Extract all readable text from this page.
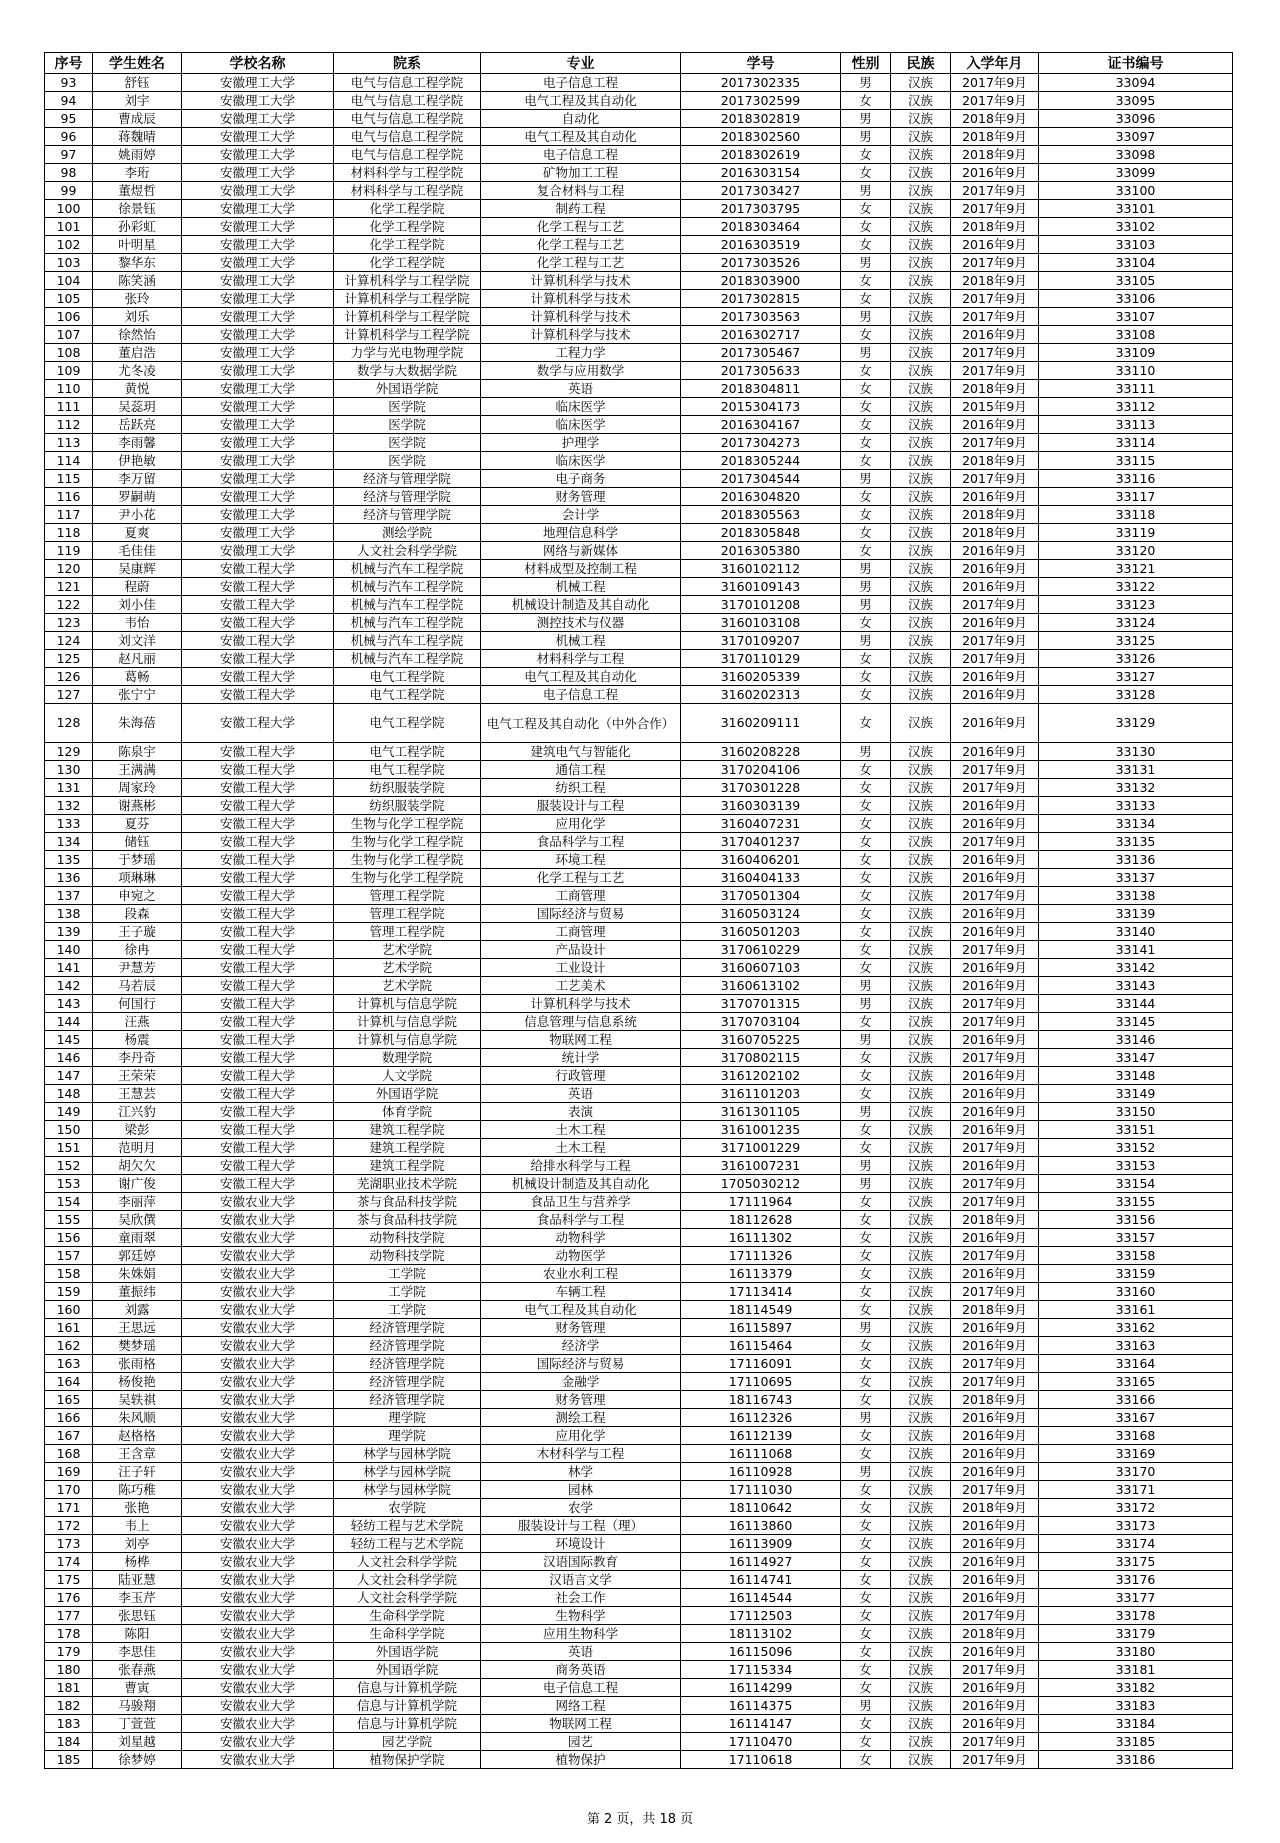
序号	学生姓名	学校名称	院系	专业	学号	性别	民族	入学年月	证书编号
93	舒钰	安徽理工大学	电气与信息工程学院	电子信息工程	2017302335	男	汉族	2017年9月	33094
94	刘宇	安徽理工大学	电气与信息工程学院	电气工程及其自动化	2017302599	女	汉族	2017年9月	33095
95	曹成辰	安徽理工大学	电气与信息工程学院	自动化	2018302819	男	汉族	2018年9月	33096
96	蒋魏晴	安徽理工大学	电气与信息工程学院	电气工程及其自动化	2018302560	男	汉族	2018年9月	33097
97	姚雨婷	安徽理工大学	电气与信息工程学院	电子信息工程	2018302619	女	汉族	2018年9月	33098
98	李珩	安徽理工大学	材料科学与工程学院	矿物加工工程	2016303154	女	汉族	2016年9月	33099
99	董煜哲	安徽理工大学	材料科学与工程学院	复合材料与工程	2017303427	男	汉族	2017年9月	33100
100	徐景钰	安徽理工大学	化学工程学院	制药工程	2017303795	女	汉族	2017年9月	33101
101	孙彩虹	安徽理工大学	化学工程学院	化学工程与工艺	2018303464	女	汉族	2018年9月	33102
102	叶明星	安徽理工大学	化学工程学院	化学工程与工艺	2016303519	女	汉族	2016年9月	33103
103	黎华东	安徽理工大学	化学工程学院	化学工程与工艺	2017303526	男	汉族	2017年9月	33104
104	陈笑涵	安徽理工大学	计算机科学与工程学院	计算机科学与技术	2018303900	女	汉族	2018年9月	33105
105	张玲	安徽理工大学	计算机科学与工程学院	计算机科学与技术	2017302815	女	汉族	2017年9月	33106
106	刘乐	安徽理工大学	计算机科学与工程学院	计算机科学与技术	2017303563	男	汉族	2017年9月	33107
107	徐然怡	安徽理工大学	计算机科学与工程学院	计算机科学与技术	2016302717	女	汉族	2016年9月	33108
108	董启浩	安徽理工大学	力学与光电物理学院	工程力学	2017305467	男	汉族	2017年9月	33109
109	尤冬凌	安徽理工大学	数学与大数据学院	数学与应用数学	2017305633	女	汉族	2017年9月	33110
110	黄悦	安徽理工大学	外国语学院	英语	2018304811	女	汉族	2018年9月	33111
111	吴蕊玥	安徽理工大学	医学院	临床医学	2015304173	女	汉族	2015年9月	33112
112	岳跃亮	安徽理工大学	医学院	临床医学	2016304167	女	汉族	2016年9月	33113
113	李雨馨	安徽理工大学	医学院	护理学	2017304273	女	汉族	2017年9月	33114
114	伊艳敏	安徽理工大学	医学院	临床医学	2018305244	女	汉族	2018年9月	33115
115	李万留	安徽理工大学	经济与管理学院	电子商务	2017304544	男	汉族	2017年9月	33116
116	罗嗣萌	安徽理工大学	经济与管理学院	财务管理	2016304820	女	汉族	2016年9月	33117
117	尹小花	安徽理工大学	经济与管理学院	会计学	2018305563	女	汉族	2018年9月	33118
118	夏爽	安徽理工大学	测绘学院	地理信息科学	2018305848	女	汉族	2018年9月	33119
119	毛佳佳	安徽理工大学	人文社会科学学院	网络与新媒体	2016305380	女	汉族	2016年9月	33120
120	吴康辉	安徽工程大学	机械与汽车工程学院	材料成型及控制工程	3160102112	男	汉族	2016年9月	33121
121	程蔚	安徽工程大学	机械与汽车工程学院	机械工程	3160109143	男	汉族	2016年9月	33122
122	刘小佳	安徽工程大学	机械与汽车工程学院	机械设计制造及其自动化	3170101208	男	汉族	2017年9月	33123
123	韦怡	安徽工程大学	机械与汽车工程学院	测控技术与仪器	3160103108	女	汉族	2016年9月	33124
124	刘文洋	安徽工程大学	机械与汽车工程学院	机械工程	3170109207	男	汉族	2017年9月	33125
125	赵凡丽	安徽工程大学	机械与汽车工程学院	材料科学与工程	3170110129	女	汉族	2017年9月	33126
126	葛畅	安徽工程大学	电气工程学院	电气工程及其自动化	3160205339	女	汉族	2016年9月	33127
127	张宁宁	安徽工程大学	电气工程学院	电子信息工程	3160202313	女	汉族	2016年9月	33128
128	朱海蓓	安徽工程大学	电气工程学院	电气工程及其自动化（中外合作）	3160209111	女	汉族	2016年9月	33129
129	陈泉宇	安徽工程大学	电气工程学院	建筑电气与智能化	3160208228	男	汉族	2016年9月	33130
130	王满满	安徽工程大学	电气工程学院	通信工程	3170204106	女	汉族	2017年9月	33131
131	周家玲	安徽工程大学	纺织服装学院	纺织工程	3170301228	女	汉族	2017年9月	33132
132	谢燕彬	安徽工程大学	纺织服装学院	服装设计与工程	3160303139	女	汉族	2016年9月	33133
133	夏芬	安徽工程大学	生物与化学工程学院	应用化学	3160407231	女	汉族	2016年9月	33134
134	储钰	安徽工程大学	生物与化学工程学院	食品科学与工程	3170401237	女	汉族	2017年9月	33135
135	于梦瑶	安徽工程大学	生物与化学工程学院	环境工程	3160406201	女	汉族	2016年9月	33136
136	项琳琳	安徽工程大学	生物与化学工程学院	化学工程与工艺	3160404133	女	汉族	2016年9月	33137
137	申宛之	安徽工程大学	管理工程学院	工商管理	3170501304	女	汉族	2017年9月	33138
138	段森	安徽工程大学	管理工程学院	国际经济与贸易	3160503124	女	汉族	2016年9月	33139
139	王子璇	安徽工程大学	管理工程学院	工商管理	3160501203	女	汉族	2016年9月	33140
140	徐冉	安徽工程大学	艺术学院	产品设计	3170610229	女	汉族	2017年9月	33141
141	尹慧芳	安徽工程大学	艺术学院	工业设计	3160607103	女	汉族	2016年9月	33142
142	马若辰	安徽工程大学	艺术学院	工艺美术	3160613102	男	汉族	2016年9月	33143
143	何国行	安徽工程大学	计算机与信息学院	计算机科学与技术	3170701315	男	汉族	2017年9月	33144
144	汪燕	安徽工程大学	计算机与信息学院	信息管理与信息系统	3170703104	女	汉族	2017年9月	33145
145	杨震	安徽工程大学	计算机与信息学院	物联网工程	3160705225	男	汉族	2016年9月	33146
146	李丹奇	安徽工程大学	数理学院	统计学	3170802115	女	汉族	2017年9月	33147
147	王荣荣	安徽工程大学	人文学院	行政管理	3161202102	女	汉族	2016年9月	33148
148	王慧芸	安徽工程大学	外国语学院	英语	3161101203	女	汉族	2016年9月	33149
149	江兴豹	安徽工程大学	体育学院	表演	3161301105	男	汉族	2016年9月	33150
150	梁彭	安徽工程大学	建筑工程学院	土木工程	3161001235	女	汉族	2016年9月	33151
151	范明月	安徽工程大学	建筑工程学院	土木工程	3171001229	女	汉族	2017年9月	33152
152	胡欠欠	安徽工程大学	建筑工程学院	给排水科学与工程	3161007231	男	汉族	2016年9月	33153
153	谢广俊	安徽工程大学	芜湖职业技术学院	机械设计制造及其自动化	1705030212	男	汉族	2017年9月	33154
154	李丽萍	安徽农业大学	茶与食品科技学院	食品卫生与营养学	17111964	女	汉族	2017年9月	33155
155	吴欣僎	安徽农业大学	茶与食品科技学院	食品科学与工程	18112628	女	汉族	2018年9月	33156
156	童雨翠	安徽农业大学	动物科技学院	动物科学	16111302	女	汉族	2016年9月	33157
157	郭廷婷	安徽农业大学	动物科技学院	动物医学	17111326	女	汉族	2017年9月	33158
158	朱姝娟	安徽农业大学	工学院	农业水利工程	16113379	女	汉族	2016年9月	33159
159	董振纬	安徽农业大学	工学院	车辆工程	17113414	女	汉族	2017年9月	33160
160	刘露	安徽农业大学	工学院	电气工程及其自动化	18114549	女	汉族	2018年9月	33161
161	王思远	安徽农业大学	经济管理学院	财务管理	16115897	男	汉族	2016年9月	33162
162	樊梦瑶	安徽农业大学	经济管理学院	经济学	16115464	女	汉族	2016年9月	33163
163	张雨格	安徽农业大学	经济管理学院	国际经济与贸易	17116091	女	汉族	2017年9月	33164
164	杨俊艳	安徽农业大学	经济管理学院	金融学	17110695	女	汉族	2017年9月	33165
165	吴轶祺	安徽农业大学	经济管理学院	财务管理	18116743	女	汉族	2018年9月	33166
166	朱风顺	安徽农业大学	理学院	测绘工程	16112326	男	汉族	2016年9月	33167
167	赵格格	安徽农业大学	理学院	应用化学	16112139	女	汉族	2016年9月	33168
168	王含章	安徽农业大学	林学与园林学院	木材科学与工程	16111068	女	汉族	2016年9月	33169
169	汪子轩	安徽农业大学	林学与园林学院	林学	16110928	男	汉族	2016年9月	33170
170	陈巧稚	安徽农业大学	林学与园林学院	园林	17111030	女	汉族	2017年9月	33171
171	张艳	安徽农业大学	农学院	农学	18110642	女	汉族	2018年9月	33172
172	韦上	安徽农业大学	轻纺工程与艺术学院	服装设计与工程（理）	16113860	女	汉族	2016年9月	33173
173	刘亭	安徽农业大学	轻纺工程与艺术学院	环境设计	16113909	女	汉族	2016年9月	33174
174	杨桦	安徽农业大学	人文社会科学学院	汉语国际教育	16114927	女	汉族	2016年9月	33175
175	陆亚慧	安徽农业大学	人文社会科学学院	汉语言文学	16114741	女	汉族	2016年9月	33176
176	李玉芹	安徽农业大学	人文社会科学学院	社会工作	16114544	女	汉族	2016年9月	33177
177	张思钰	安徽农业大学	生命科学学院	生物科学	17112503	女	汉族	2017年9月	33178
178	陈阳	安徽农业大学	生命科学学院	应用生物科学	18113102	女	汉族	2018年9月	33179
179	李思佳	安徽农业大学	外国语学院	英语	16115096	女	汉族	2016年9月	33180
180	张春燕	安徽农业大学	外国语学院	商务英语	17115334	女	汉族	2017年9月	33181
181	曹寅	安徽农业大学	信息与计算机学院	电子信息工程	16114299	女	汉族	2016年9月	33182
182	马骏翔	安徽农业大学	信息与计算机学院	网络工程	16114375	男	汉族	2016年9月	33183
183	丁萱萱	安徽农业大学	信息与计算机学院	物联网工程	16114147	女	汉族	2016年9月	33184
184	刘星越	安徽农业大学	园艺学院	园艺	17110470	女	汉族	2017年9月	33185
185	徐梦婷	安徽农业大学	植物保护学院	植物保护	17110618	女	汉族	2017年9月	33186
第 2 页，共 18 页
